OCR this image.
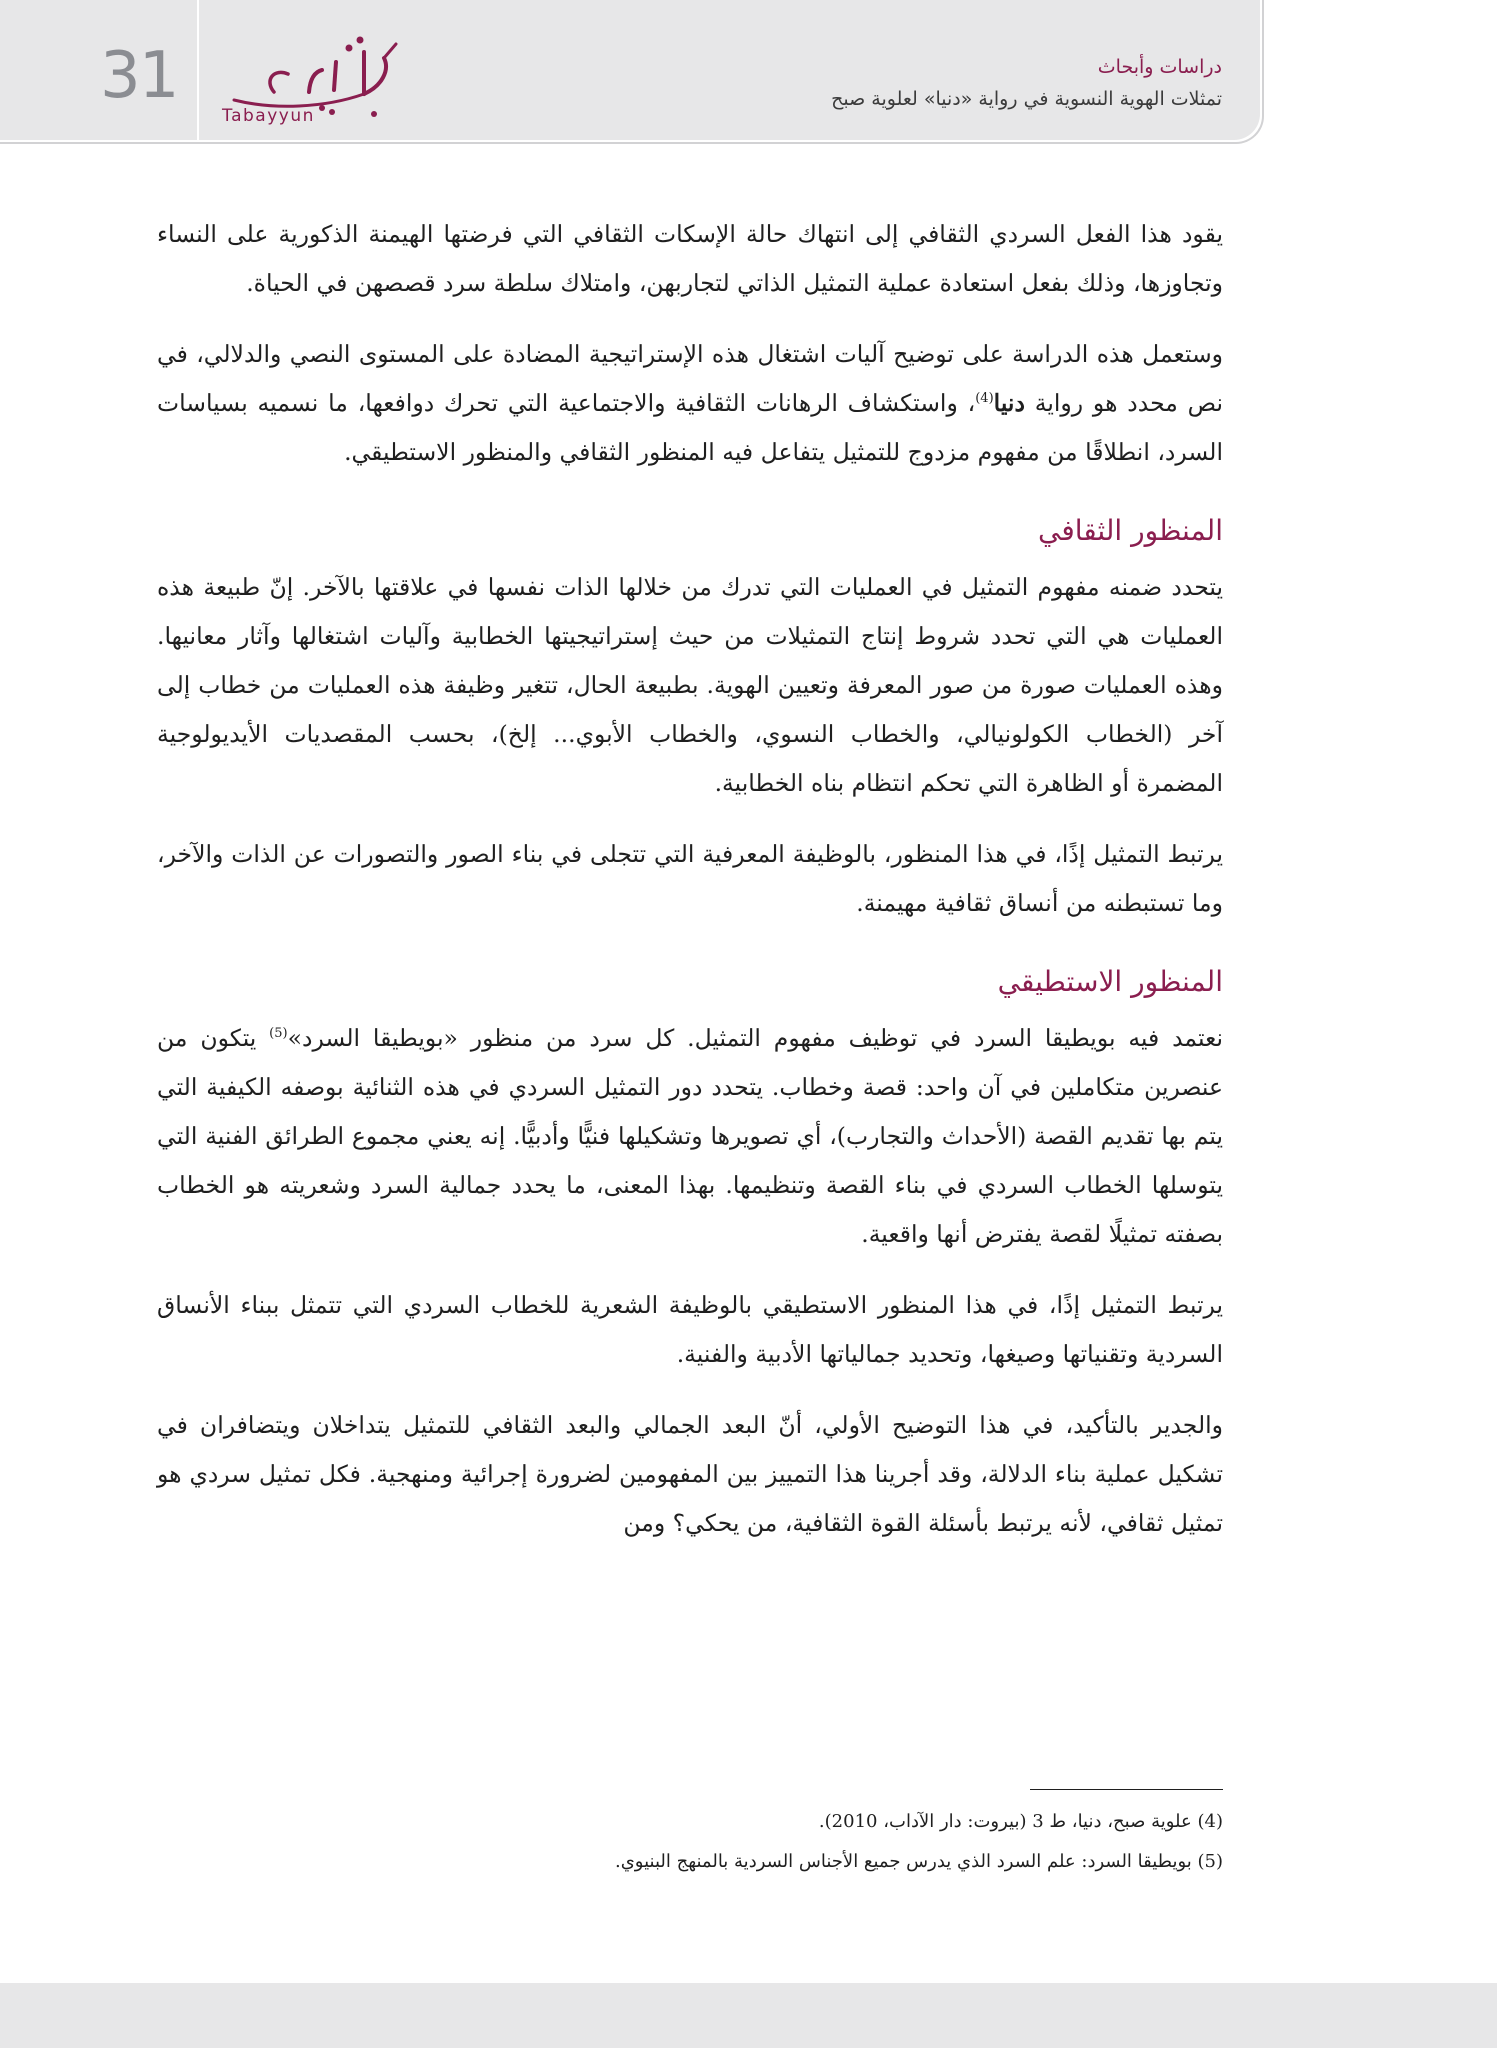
31
Tabayyun
دراسات وأبحاث
تمثلات الهوية النسوية في رواية «دنيا» لعلوية صبح

يقود هذا الفعل السردي الثقافي إلى انتهاك حالة الإسكات الثقافي التي فرضتها الهيمنة الذكورية على النساء وتجاوزها، وذلك بفعل استعادة عملية التمثيل الذاتي لتجاربهن، وامتلاك سلطة سرد قصصهن في الحياة.

وستعمل هذه الدراسة على توضيح آليات اشتغال هذه الإستراتيجية المضادة على المستوى النصي والدلالي، في نص محدد هو رواية دنيا$^{(4)}$، واستكشاف الرهانات الثقافية والاجتماعية التي تحرك دوافعها، ما نسميه بسياسات السرد، انطلاقًا من مفهوم مزدوج للتمثيل يتفاعل فيه المنظور الثقافي والمنظور الاستطيقي.

المنظور الثقافي

يتحدد ضمنه مفهوم التمثيل في العمليات التي تدرك من خلالها الذات نفسها في علاقتها بالآخر. إنّ طبيعة هذه العمليات هي التي تحدد شروط إنتاج التمثيلات من حيث إستراتيجيتها الخطابية وآليات اشتغالها وآثار معانيها. وهذه العمليات صورة من صور المعرفة وتعيين الهوية. بطبيعة الحال، تتغير وظيفة هذه العمليات من خطاب إلى آخر (الخطاب الكولونيالي، والخطاب النسوي، والخطاب الأبوي... إلخ)، بحسب المقصديات الأيديولوجية المضمرة أو الظاهرة التي تحكم انتظام بناه الخطابية.

يرتبط التمثيل إذًا، في هذا المنظور، بالوظيفة المعرفية التي تتجلى في بناء الصور والتصورات عن الذات والآخر، وما تستبطنه من أنساق ثقافية مهيمنة.

المنظور الاستطيقي

نعتمد فيه بويطيقا السرد في توظيف مفهوم التمثيل. كل سرد من منظور «بويطيقا السرد»$^{(5)}$ يتكون من عنصرين متكاملين في آن واحد: قصة وخطاب. يتحدد دور التمثيل السردي في هذه الثنائية بوصفه الكيفية التي يتم بها تقديم القصة (الأحداث والتجارب)، أي تصويرها وتشكيلها فنيًّا وأدبيًّا. إنه يعني مجموع الطرائق الفنية التي يتوسلها الخطاب السردي في بناء القصة وتنظيمها. بهذا المعنى، ما يحدد جمالية السرد وشعريته هو الخطاب بصفته تمثيلًا لقصة يفترض أنها واقعية.

يرتبط التمثيل إذًا، في هذا المنظور الاستطيقي بالوظيفة الشعرية للخطاب السردي التي تتمثل ببناء الأنساق السردية وتقنياتها وصيغها، وتحديد جمالياتها الأدبية والفنية.

والجدير بالتأكيد، في هذا التوضيح الأولي، أنّ البعد الجمالي والبعد الثقافي للتمثيل يتداخلان ويتضافران في تشكيل عملية بناء الدلالة، وقد أجرينا هذا التمييز بين المفهومين لضرورة إجرائية ومنهجية. فكل تمثيل سردي هو تمثيل ثقافي، لأنه يرتبط بأسئلة القوة الثقافية، من يحكي؟ ومن

(4) علوية صبح، دنيا، ط 3 (بيروت: دار الآداب، 2010).
(5) بويطيقا السرد: علم السرد الذي يدرس جميع الأجناس السردية بالمنهج البنيوي.
